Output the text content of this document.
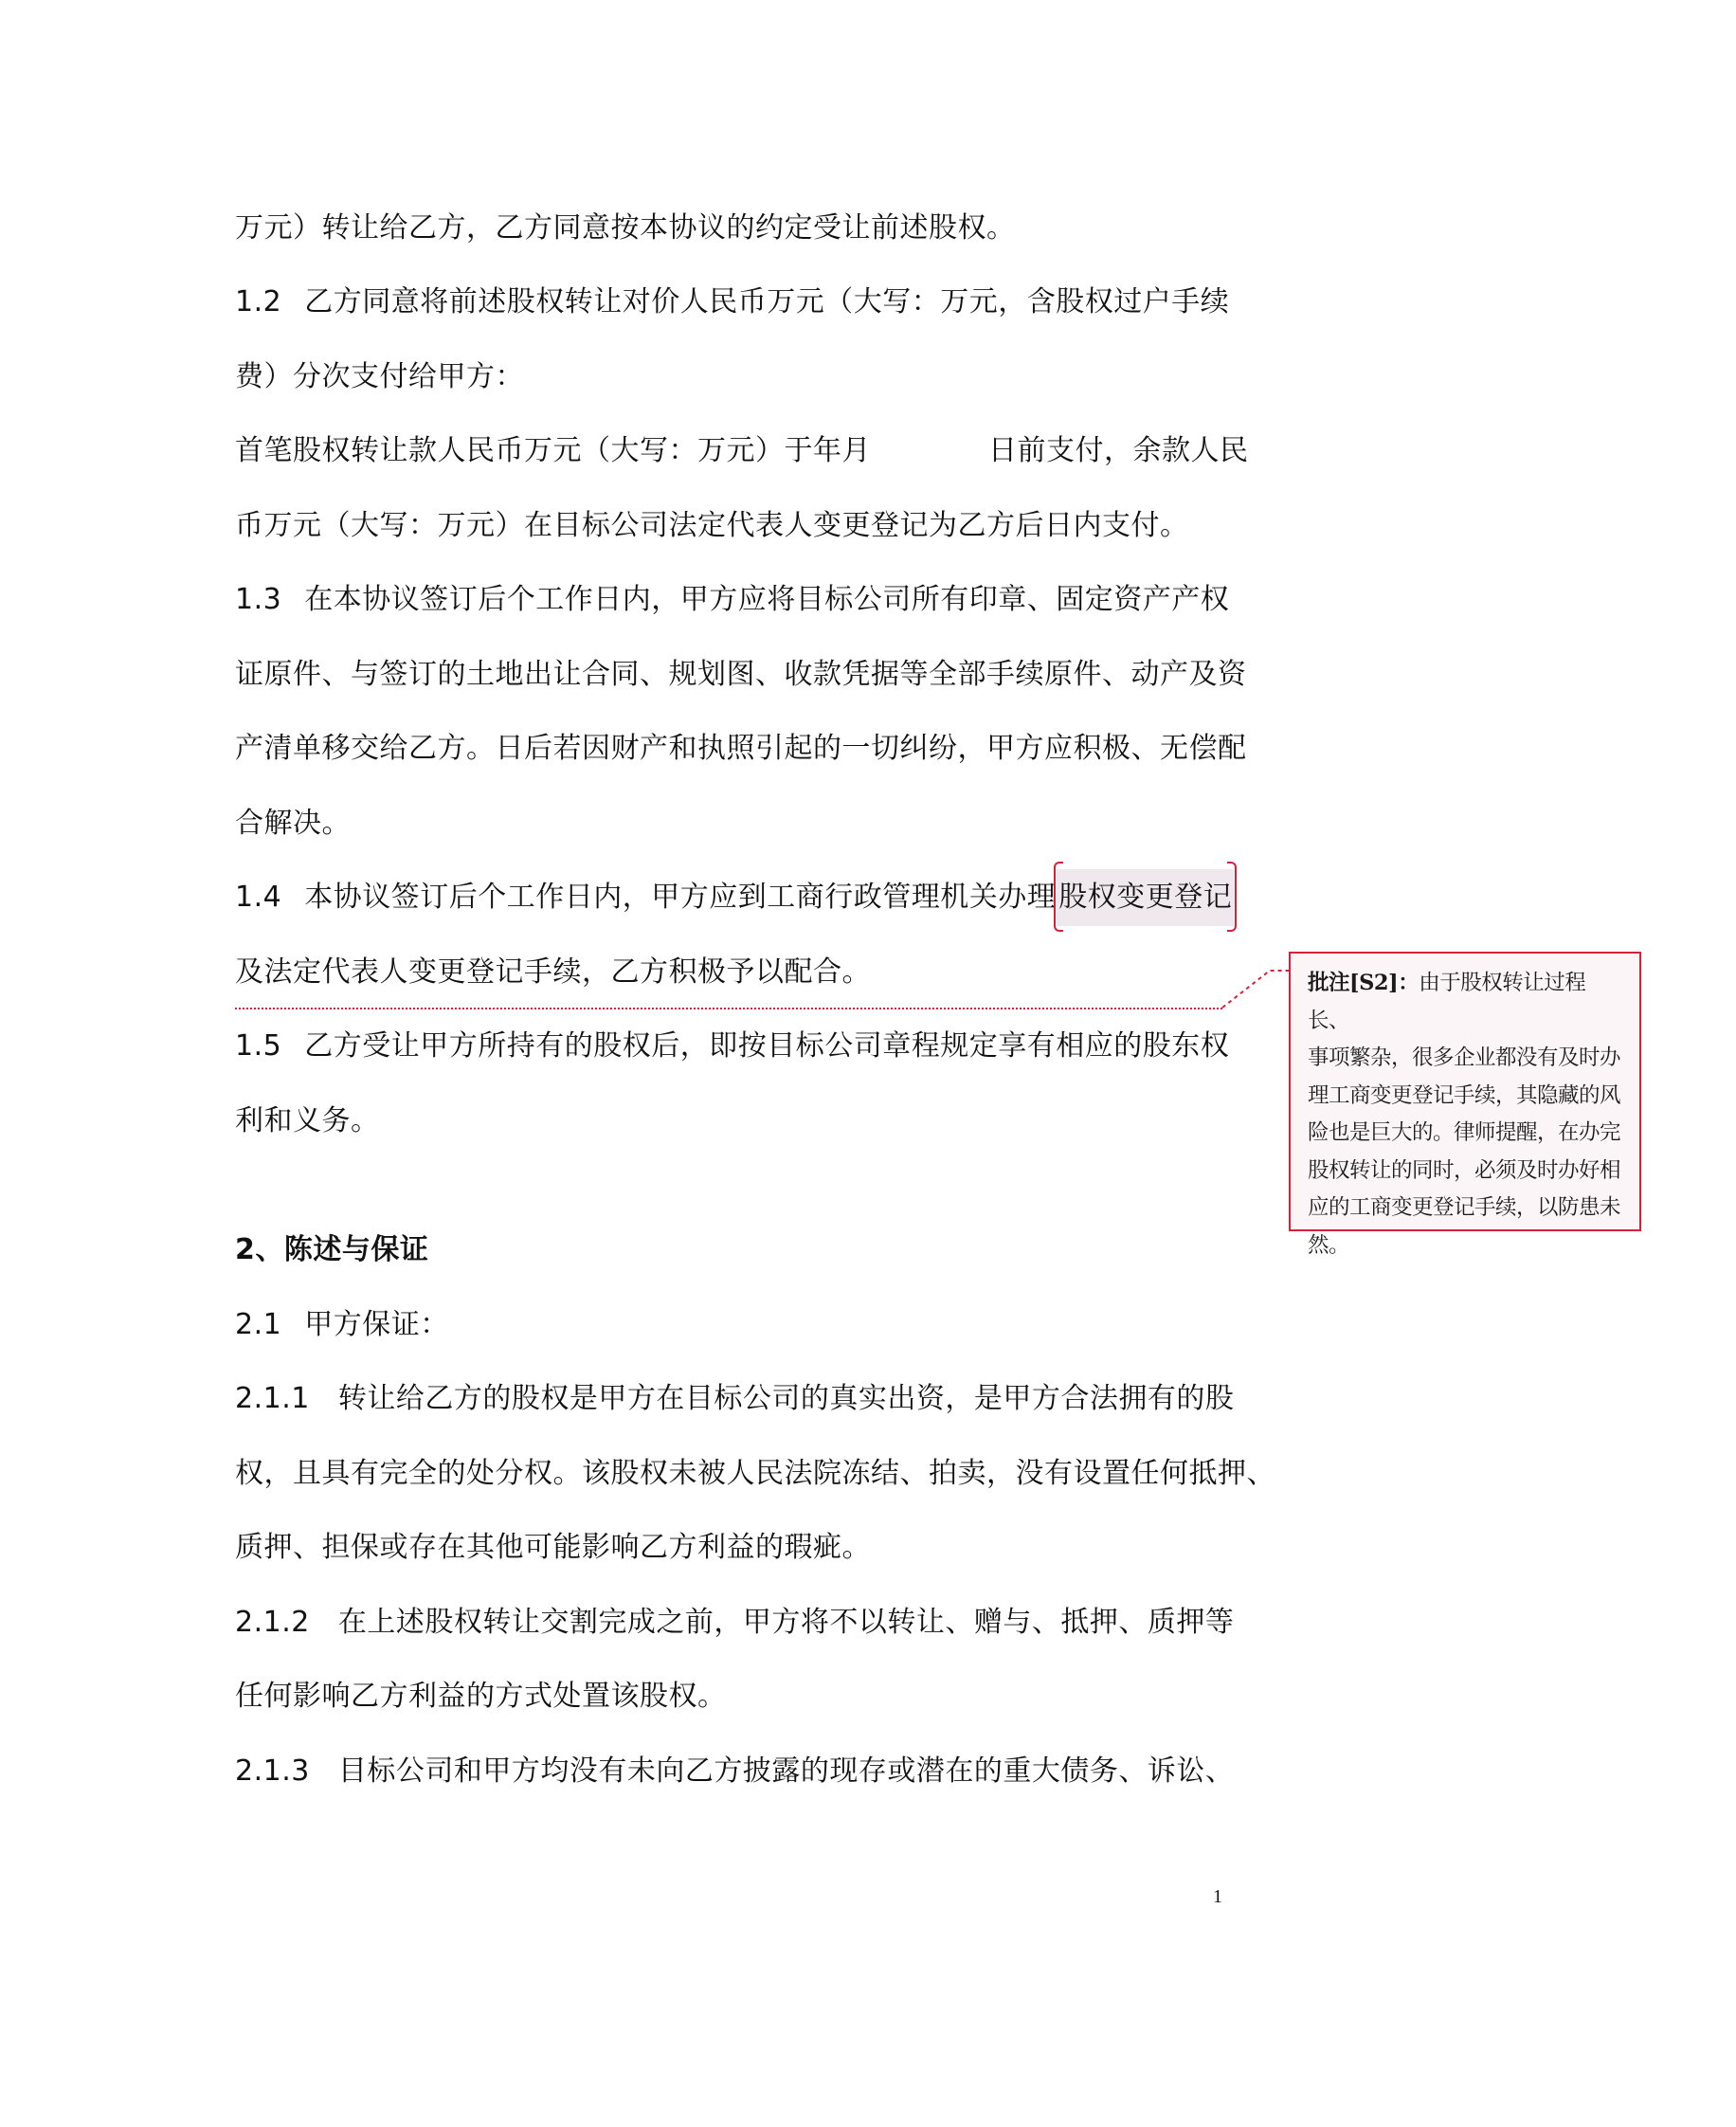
万元）转让给乙方，乙方同意按本协议的约定受让前述股权。
1.2 乙方同意将前述股权转让对价人民币万元（大写：万元，含股权过户手续
费）分次支付给甲方：
首笔股权转让款人民币万元（大写：万元）于年月	日前支付，余款人民
币万元（大写：万元）在目标公司法定代表人变更登记为乙方后日内支付。
1.3 在本协议签订后个工作日内，甲方应将目标公司所有印章、固定资产产权
证原件、与签订的土地出让合同、规划图、收款凭据等全部手续原件、动产及资
产清单移交给乙方。日后若因财产和执照引起的一切纠纷，甲方应积极、无偿配
合解决。
1.4 本协议签订后个工作日内，甲方应到工商行政管理机关办理 股权变更登记
及法定代表人变更登记手续，乙方积极予以配合。
1.5 乙方受让甲方所持有的股权后，即按目标公司章程规定享有相应的股东权
利和义务。
2、陈述与保证
2.1 甲方保证：
2.1.1 转让给乙方的股权是甲方在目标公司的真实出资，是甲方合法拥有的股
权，且具有完全的处分权。该股权未被人民法院冻结、拍卖，没有设置任何抵押、
质押、担保或存在其他可能影响乙方利益的瑕疵。
2.1.2 在上述股权转让交割完成之前，甲方将不以转让、赠与、抵押、质押等
任何影响乙方利益的方式处置该股权。
2.1.3 目标公司和甲方均没有未向乙方披露的现存或潜在的重大债务、诉讼、
批注[S2]：由于股权转让过程长、
事项繁杂，很多企业都没有及时办
理工商变更登记手续，其隐藏的风
险也是巨大的。律师提醒，在办完
股权转让的同时，必须及时办好相
应的工商变更登记手续，以防患未
然。
1
